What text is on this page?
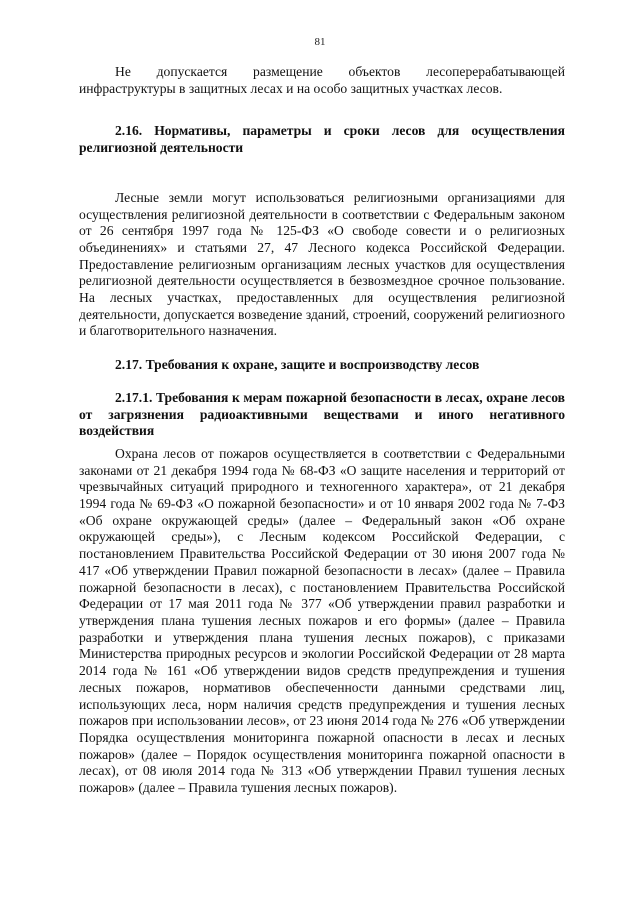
81

Не допускается размещение объектов лесоперерабатывающей инфраструктуры в защитных лесах и на особо защитных участках лесов.

2.16. Нормативы, параметры и сроки лесов для осуществления религиозной деятельности

Лесные земли могут использоваться религиозными организациями для осуществления религиозной деятельности в соответствии с Федеральным законом от 26 сентября 1997 года № 125-ФЗ «О свободе совести и о религиозных объединениях» и статьями 27, 47 Лесного кодекса Российской Федерации. Предоставление религиозным организациям лесных участков для осуществления религиозной деятельности осуществляется в безвозмездное срочное пользование. На лесных участках, предоставленных для осуществления религиозной деятельности, допускается возведение зданий, строений, сооружений религиозного и благотворительного назначения.

2.17. Требования к охране, защите и воспроизводству лесов
2.17.1. Требования к мерам пожарной безопасности в лесах, охране лесов от загрязнения радиоактивными веществами и иного негативного воздействия

Охрана лесов от пожаров осуществляется в соответствии с Федеральными законами от 21 декабря 1994 года № 68-ФЗ «О защите населения и территорий от чрезвычайных ситуаций природного и техногенного характера», от 21 декабря 1994 года № 69-ФЗ «О пожарной безопасности» и от 10 января 2002 года № 7-ФЗ «Об охране окружающей среды» (далее – Федеральный закон «Об охране окружающей среды»), с Лесным кодексом Российской Федерации, с постановлением Правительства Российской Федерации от 30 июня 2007 года № 417 «Об утверждении Правил пожарной безопасности в лесах» (далее – Правила пожарной безопасности в лесах), с постановлением Правительства Российской Федерации от 17 мая 2011 года № 377 «Об утверждении правил разработки и утверждения плана тушения лесных пожаров и его формы» (далее – Правила разработки и утверждения плана тушения лесных пожаров), с приказами Министерства природных ресурсов и экологии Российской Федерации от 28 марта 2014 года № 161 «Об утверждении видов средств предупреждения и тушения лесных пожаров, нормативов обеспеченности данными средствами лиц, использующих леса, норм наличия средств предупреждения и тушения лесных пожаров при использовании лесов», от 23 июня 2014 года № 276 «Об утверждении Порядка осуществления мониторинга пожарной опасности в лесах и лесных пожаров» (далее – Порядок осуществления мониторинга пожарной опасности в лесах), от 08 июля 2014 года № 313 «Об утверждении Правил тушения лесных пожаров» (далее – Правила тушения лесных пожаров).
